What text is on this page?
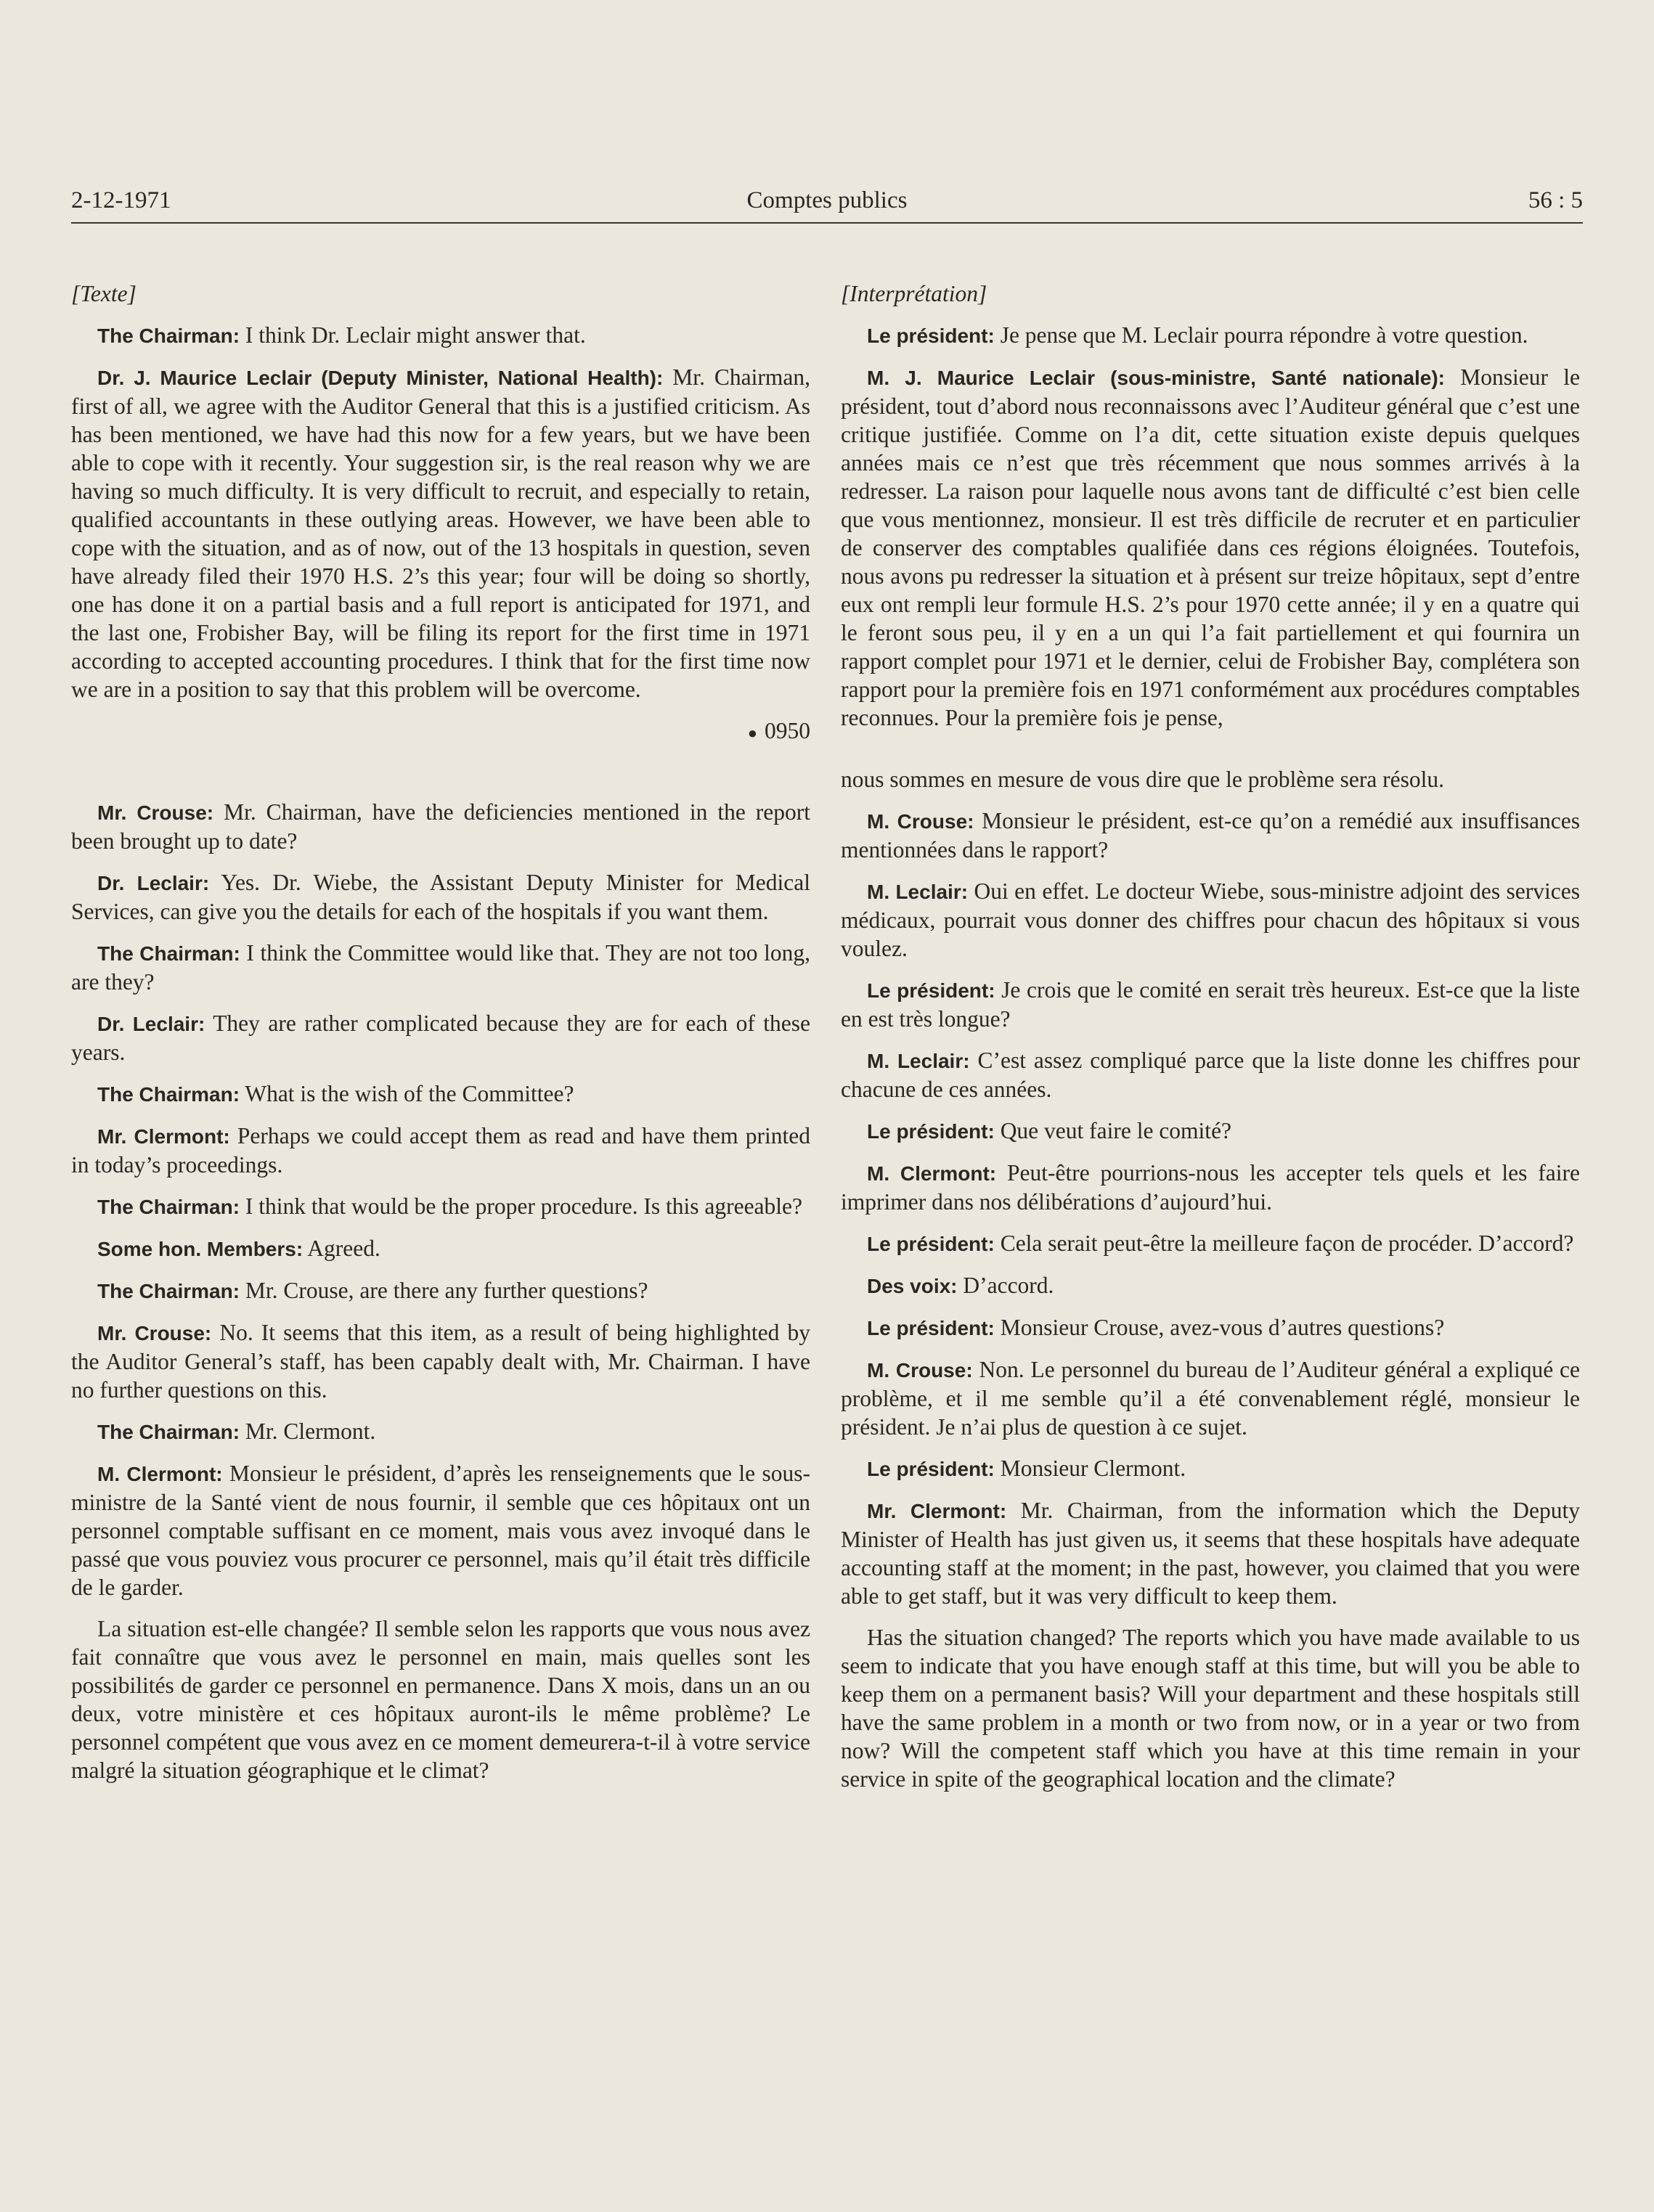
2-12-1971	Comptes publics	56 : 5

[Texte]

The Chairman: I think Dr. Leclair might answer that.

Dr. J. Maurice Leclair (Deputy Minister, National Health): Mr. Chairman, first of all, we agree with the Auditor General that this is a justified criticism. As has been mentioned, we have had this now for a few years, but we have been able to cope with it recently. Your suggestion sir, is the real reason why we are having so much difficulty. It is very difficult to recruit, and especially to retain, qualified accountants in these outlying areas. However, we have been able to cope with the situation, and as of now, out of the 13 hospitals in question, seven have already filed their 1970 H.S. 2’s this year; four will be doing so shortly, one has done it on a partial basis and a full report is anticipated for 1971, and the last one, Frobisher Bay, will be filing its report for the first time in 1971 according to accepted accounting procedures. I think that for the first time now we are in a position to say that this problem will be overcome.

● 0950

Mr. Crouse: Mr. Chairman, have the deficiencies mentioned in the report been brought up to date?

Dr. Leclair: Yes. Dr. Wiebe, the Assistant Deputy Minister for Medical Services, can give you the details for each of the hospitals if you want them.

The Chairman: I think the Committee would like that. They are not too long, are they?

Dr. Leclair: They are rather complicated because they are for each of these years.

The Chairman: What is the wish of the Committee?

Mr. Clermont: Perhaps we could accept them as read and have them printed in today’s proceedings.

The Chairman: I think that would be the proper procedure. Is this agreeable?

Some hon. Members: Agreed.

The Chairman: Mr. Crouse, are there any further questions?

Mr. Crouse: No. It seems that this item, as a result of being highlighted by the Auditor General’s staff, has been capably dealt with, Mr. Chairman. I have no further questions on this.

The Chairman: Mr. Clermont.

M. Clermont: Monsieur le président, d’après les renseignements que le sous-ministre de la Santé vient de nous fournir, il semble que ces hôpitaux ont un personnel comptable suffisant en ce moment, mais vous avez invoqué dans le passé que vous pouviez vous procurer ce personnel, mais qu’il était très difficile de le garder.

La situation est-elle changée? Il semble selon les rapports que vous nous avez fait connaître que vous avez le personnel en main, mais quelles sont les possibilités de garder ce personnel en permanence. Dans X mois, dans un an ou deux, votre ministère et ces hôpitaux auront-ils le même problème? Le personnel compétent que vous avez en ce moment demeurera-t-il à votre service malgré la situation géographique et le climat?

[Interprétation]

Le président: Je pense que M. Leclair pourra répondre à votre question.

M. J. Maurice Leclair (sous-ministre, Santé nationale): Monsieur le président, tout d’abord nous reconnaissons avec l’Auditeur général que c’est une critique justifiée. Comme on l’a dit, cette situation existe depuis quelques années mais ce n’est que très récemment que nous sommes arrivés à la redresser. La raison pour laquelle nous avons tant de difficulté c’est bien celle que vous mentionnez, monsieur. Il est très difficile de recruter et en particulier de conserver des comptables qualifiée dans ces régions éloignées. Toutefois, nous avons pu redresser la situation et à présent sur treize hôpitaux, sept d’entre eux ont rempli leur formule H.S. 2’s pour 1970 cette année; il y en a quatre qui le feront sous peu, il y en a un qui l’a fait partiellement et qui fournira un rapport complet pour 1971 et le dernier, celui de Frobisher Bay, complétera son rapport pour la première fois en 1971 conformément aux procédures comptables reconnues. Pour la première fois je pense,

nous sommes en mesure de vous dire que le problème sera résolu.

M. Crouse: Monsieur le président, est-ce qu’on a remédié aux insuffisances mentionnées dans le rapport?

M. Leclair: Oui en effet. Le docteur Wiebe, sous-ministre adjoint des services médicaux, pourrait vous donner des chiffres pour chacun des hôpitaux si vous voulez.

Le président: Je crois que le comité en serait très heureux. Est-ce que la liste en est très longue?

M. Leclair: C’est assez compliqué parce que la liste donne les chiffres pour chacune de ces années.

Le président: Que veut faire le comité?

M. Clermont: Peut-être pourrions-nous les accepter tels quels et les faire imprimer dans nos délibérations d’aujourd’hui.

Le président: Cela serait peut-être la meilleure façon de procéder. D’accord?

Des voix: D’accord.

Le président: Monsieur Crouse, avez-vous d’autres questions?

M. Crouse: Non. Le personnel du bureau de l’Auditeur général a expliqué ce problème, et il me semble qu’il a été convenablement réglé, monsieur le président. Je n’ai plus de question à ce sujet.

Le président: Monsieur Clermont.

Mr. Clermont: Mr. Chairman, from the information which the Deputy Minister of Health has just given us, it seems that these hospitals have adequate accounting staff at the moment; in the past, however, you claimed that you were able to get staff, but it was very difficult to keep them.

Has the situation changed? The reports which you have made available to us seem to indicate that you have enough staff at this time, but will you be able to keep them on a permanent basis? Will your department and these hospitals still have the same problem in a month or two from now, or in a year or two from now? Will the competent staff which you have at this time remain in your service in spite of the geographical location and the climate?
